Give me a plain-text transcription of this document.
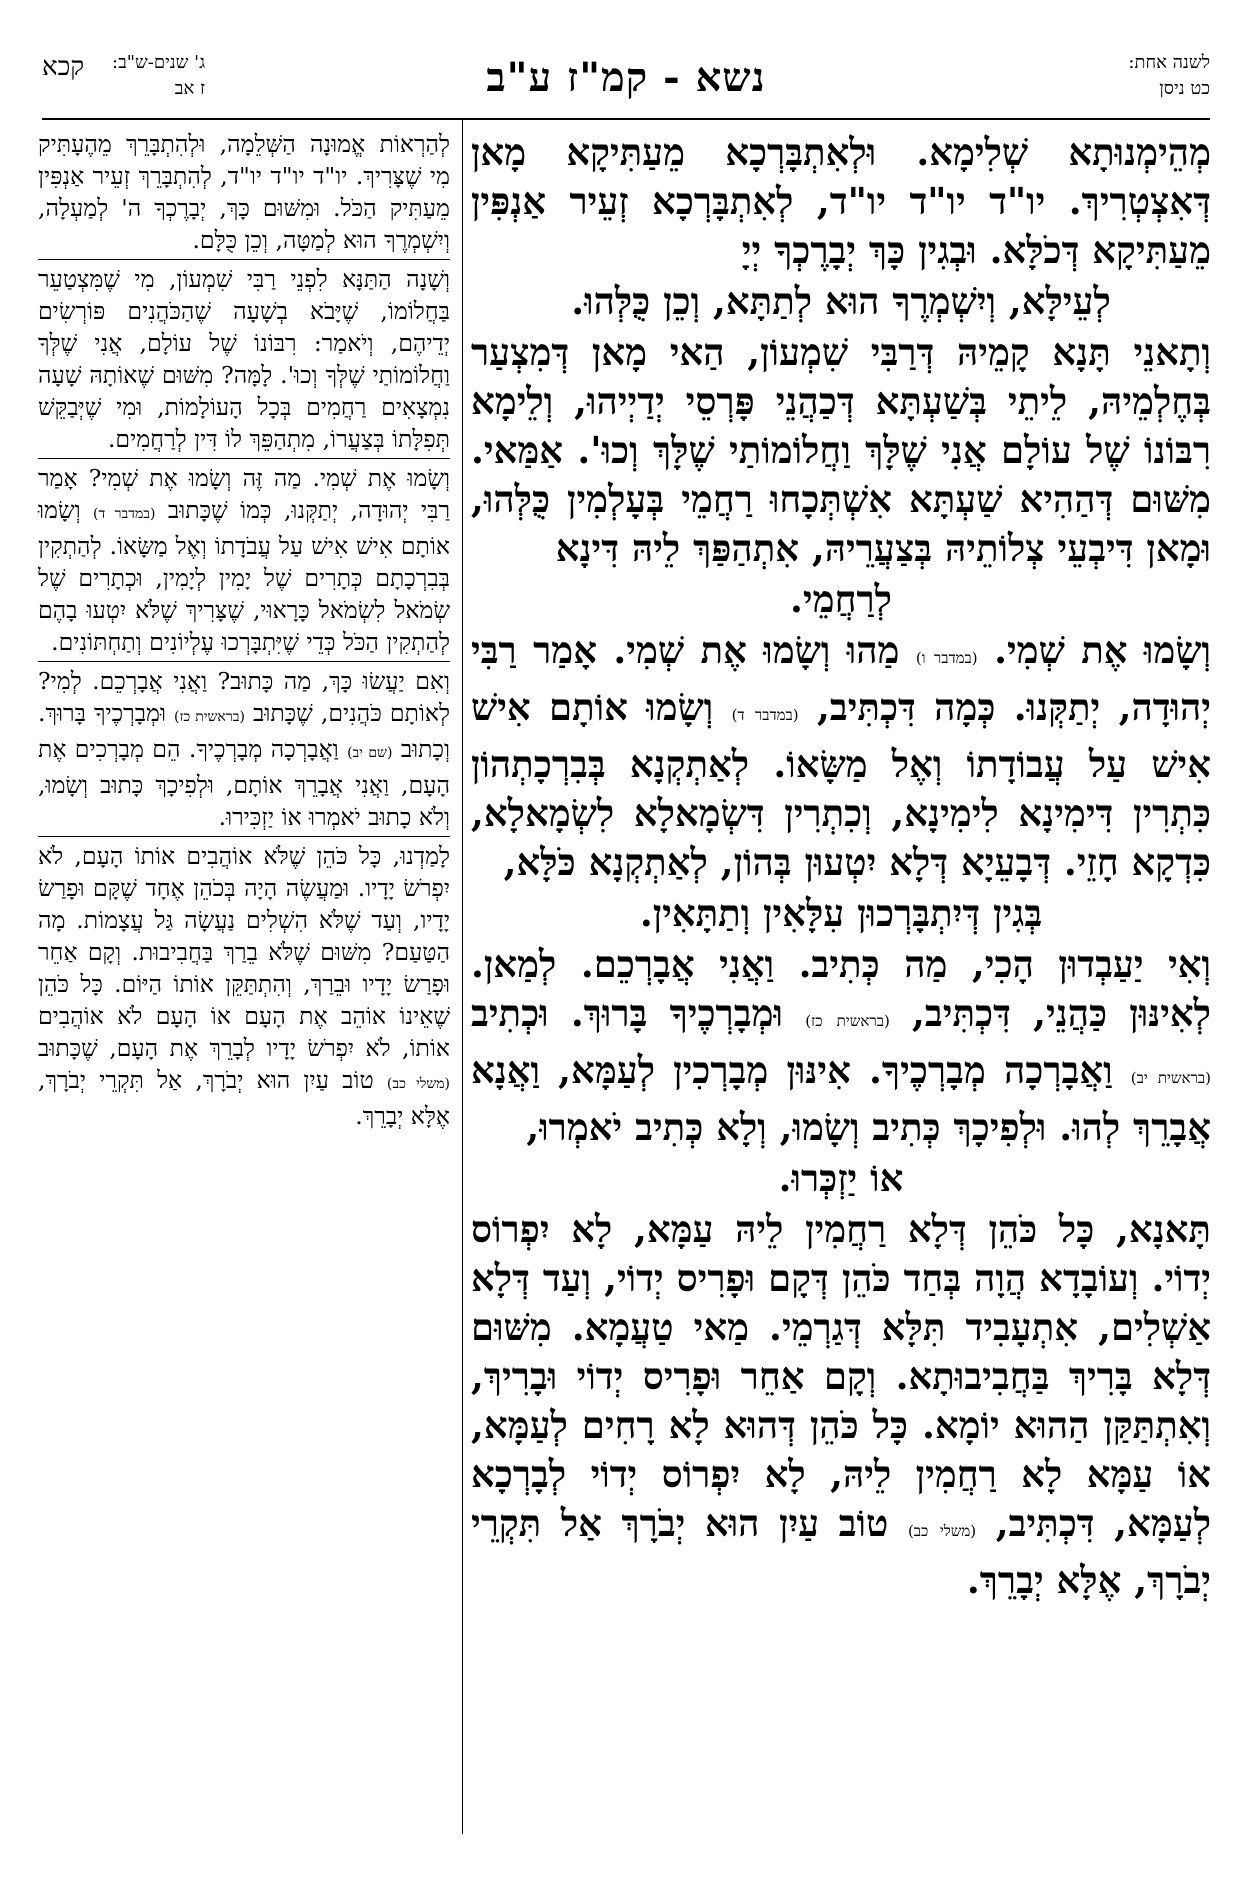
לשנה אחת:
כט ניסן
נשא - קמ"ז ע"ב
ג' שנים-ש"ב:
ז אב
קכא

מְהֵימְנוּתָא שְׁלִימָא. וּלְאִתְבָּרְכָא מֵעַתִּיקָא מָאן דְּאִצְטְרִיךְ. יו"ד יו"ד יו"ד, לְאִתְבָּרְכָא זְעֵיר אַנְפִּין מֵעַתִּיקָא דְּכֹלָּא. וּבְגִין כָּךְ יְבָרֶכְךָ יְיָ

לְעֵילָּא, וְיִשְׁמְרֶךָ הוּא לְתַתָּא, וְכֵן כֻּלְּהוּ.

וְתָאנֵי תָּנָא קָמֵיהּ דְּרַבִּי שִׁמְעוֹן, הַאי מָאן דְּמִצְעַר בְּחֶלְמֵיהּ, לֵיתֵי בְּשַׁעְתָּא דְּכַהֲנֵי פָּרְסֵי יְדַיְיהוּ, וְלֵימָא רִבּוֹנוֹ שֶׁל עוֹלָם אֲנִי שֶׁלָּךְ וַחֲלוֹמוֹתַי שֶׁלָּךְ וְכוּ'. אַמַּאי. מִשּׁוּם דְּהַהִיא שַׁעְתָּא אִשְׁתְּכָחוּ רַחֲמֵי בְּעָלְמִין כֻּלְּהוּ, וּמָאן דִּיבְעֵי צְלוֹתֵיהּ בְּצַעֲרֵיהּ, אִתְהַפַּךְ לֵיהּ דִּינָא

לְרַחֲמֵי.

וְשָׂמוּ אֶת שְׁמִי. (במדבר ו) מַהוּ וְשָׂמוּ אֶת שְׁמִי. אָמַר רַבִּי יְהוּדָה, יְתַקְּנוּ. כְּמָה דִּכְתִּיב, (במדבר ד) וְשָׂמוּ אוֹתָם אִישׁ אִישׁ עַל עֲבוֹדָתוֹ וְאֶל מַשָּׂאוֹ. לְאַתְקְנָא בְּבִרְכָתְהוֹן כִּתְרִין דִּימִינָא לִימִינָא, וְכִתְרִין דִּשְׂמָאלָא לִשְׂמָאלָא, כִּדְקָא חָזֵי. דְּבָעֵיָא דְּלָא יִטְעוּן בְּהוֹן, לְאַתְקְנָא כֹּלָּא,

בְּגִין דְּיִתְבָּרְכוּן עִלָּאִין וְתַתָּאִין.

וְאִי יַעַבְדוּן הָכִי, מַה כְּתִיב. וַאֲנִי אֲבָרְכֵם. לְמַאן. לְאִינּוּן כַּהֲנֵי, דִּכְתִּיב, (בראשית כז) וּמְבָרְכֶיךָ בָּרוּךְ. וּכְתִיב (בראשית יב) וַאֲבָרְכָה מְבָרְכֶיךָ. אִינּוּן מְבָרְכִין לְעַמָּא, וַאֲנָא אֲבָרֵךְ לְהוּ. וּלְפִיכָךְ כְּתִיב וְשָׂמוּ, וְלָא כְּתִיב יֹאמְרוּ,

אוֹ יַזְכְּרוּ.

תָּאנָא, כָּל כֹּהֵן דְּלָא רַחֲמִין לֵיהּ עַמָּא, לָא יִפְרוֹס יְדוֹי. וְעוֹבָדָא הֲוָה בְּחַד כֹּהֵן דְּקָם וּפָרִיס יְדוֹי, וְעַד דְּלָא אַשְׁלִים, אִתְעָבִיד תִּלָּא דְּגַרְמֵי. מַאי טַעֲמָא. מִשּׁוּם דְּלָא בָּרִיךְ בַּחֲבִיבוּתָא. וְקָם אַחֵר וּפָרִיס יְדוֹי וּבָרִיךְ, וְאִתְתַּקַּן הַהוּא יוֹמָא. כָּל כֹּהֵן דְּהוּא לָא רָחִים לְעַמָּא, אוֹ עַמָּא לָא רַחֲמִין לֵיהּ, לָא יִפְרוֹס יְדוֹי לְבָרְכָא לְעַמָּא, דִּכְתִּיב, (משלי כב) טוֹב עַיִן הוּא יְבֹרָךְ אַל תִּקְרֵי יְבֹרָךְ, אֶלָּא יְבָרֵךְ.

לְהַרְאוֹת אֱמוּנָה הַשְּׁלֵמָה, וּלְהִתְבָּרֵךְ מֵהֶעָתִּיק מִי שֶׁצָּרִיךְ. יו"ד יו"ד יו"ד, לְהִתְבָּרֵךְ זְעֵיר אַנְפִּין מֵעַתִּיק הַכֹּל. וּמִשּׁוּם כָּךְ, יְבָרֶכְךָ ה' לְמַעְלָה, וְיִשְׁמְרֶךָ הוּא לְמַטָּה, וְכֵן כֻּלָּם.

וְשָׁנָה הַתַּנָּא לִפְנֵי רַבִּי שִׁמְעוֹן, מִי שֶׁמִּצְטַעֵר בַּחֲלוֹמוֹ, שֶׁיָּבֹא בְשָׁעָה שֶׁהַכֹּהֲנִים פּוֹרְשִׂים יְדֵיהֶם, וְיֹאמַר: רִבּוֹנוֹ שֶׁל עוֹלָם, אֲנִי שֶׁלְּךָ וַחֲלוֹמוֹתַי שֶׁלְּךָ וְכוּ'. לָמָּה? מִשּׁוּם שֶׁאוֹתָהּ שָׁעָה נִמְצָאִים רַחֲמִים בְּכָל הָעוֹלָמוֹת, וּמִי שֶׁיְּבַקֵּשׁ תְּפִלָּתוֹ בְּצַעֲרוֹ, מִתְהַפֵּךְ לוֹ דִּין לְרַחֲמִים.

וְשָׂמוּ אֶת שְׁמִי. מַה זֶּה וְשָׂמוּ אֶת שְׁמִי? אָמַר רַבִּי יְהוּדָה, יְתַקְּנוּ, כְּמוֹ שֶׁכָּתוּב (במדבר ד) וְשָׂמוּ אוֹתָם אִישׁ אִישׁ עַל עֲבֹדָתוֹ וְאֶל מַשָּׂאוֹ. לְהַתְקִין בְּבִרְכָתָם כְּתָרִים שֶׁל יָמִין לְיָמִין, וּכְתָרִים שֶׁל שְׂמֹאל לִשְׂמֹאל כָּרָאוּי, שֶׁצָּרִיךְ שֶׁלֹּא יִטְעוּ בָהֶם לְהַתְקִין הַכֹּל כְּדֵי שֶׁיִּתְבָּרְכוּ עֶלְיוֹנִים וְתַחְתּוֹנִים.

וְאִם יַעֲשׂוּ כָּךְ, מַה כָּתוּב? וַאֲנִי אֲבָרְכֵם. לְמִי? לְאוֹתָם כֹּהֲנִים, שֶׁכָּתוּב (בראשית כז) וּמְבָרְכֶיךָ בָּרוּךְ. וְכָתוּב (שם יב) וַאֲבָרְכָה מְבָרְכֶיךָ. הֵם מְבָרְכִים אֶת הָעָם, וַאֲנִי אֲבָרֵךְ אוֹתָם, וּלְפִיכָךְ כָּתוּב וְשָׂמוּ, וְלֹא כָתוּב יֹאמְרוּ אוֹ יַזְכִּירוּ.

לָמַדְנוּ, כָּל כֹּהֵן שֶׁלֹּא אוֹהֲבִים אוֹתוֹ הָעָם, לֹא יִפְרֹשׂ יָדָיו. וּמַעֲשֶׂה הָיָה בְּכֹהֵן אֶחָד שֶׁקָּם וּפָרַשׂ יָדָיו, וְעַד שֶׁלֹּא הִשְׁלִים נַעֲשָׂה גַּל עֲצָמוֹת. מָה הַטַּעַם? מִשּׁוּם שֶׁלֹּא בֵרַךְ בַּחֲבִיבוּת. וְקָם אַחֵר וּפָרַשׂ יָדָיו וּבֵרַךְ, וְהִתְתַּקֵּן אוֹתוֹ הַיּוֹם. כָּל כֹּהֵן שֶׁאֵינוֹ אוֹהֵב אֶת הָעָם אוֹ הָעָם לֹא אוֹהֲבִים אוֹתוֹ, לֹא יִפְרֹשׂ יָדָיו לְבָרֵךְ אֶת הָעָם, שֶׁכָּתוּב (משלי כב) טוֹב עַיִן הוּא יְבֹרָךְ, אַל תִּקְרֵי יְבֹרָךְ, אֶלָּא יְבָרֵךְ.
